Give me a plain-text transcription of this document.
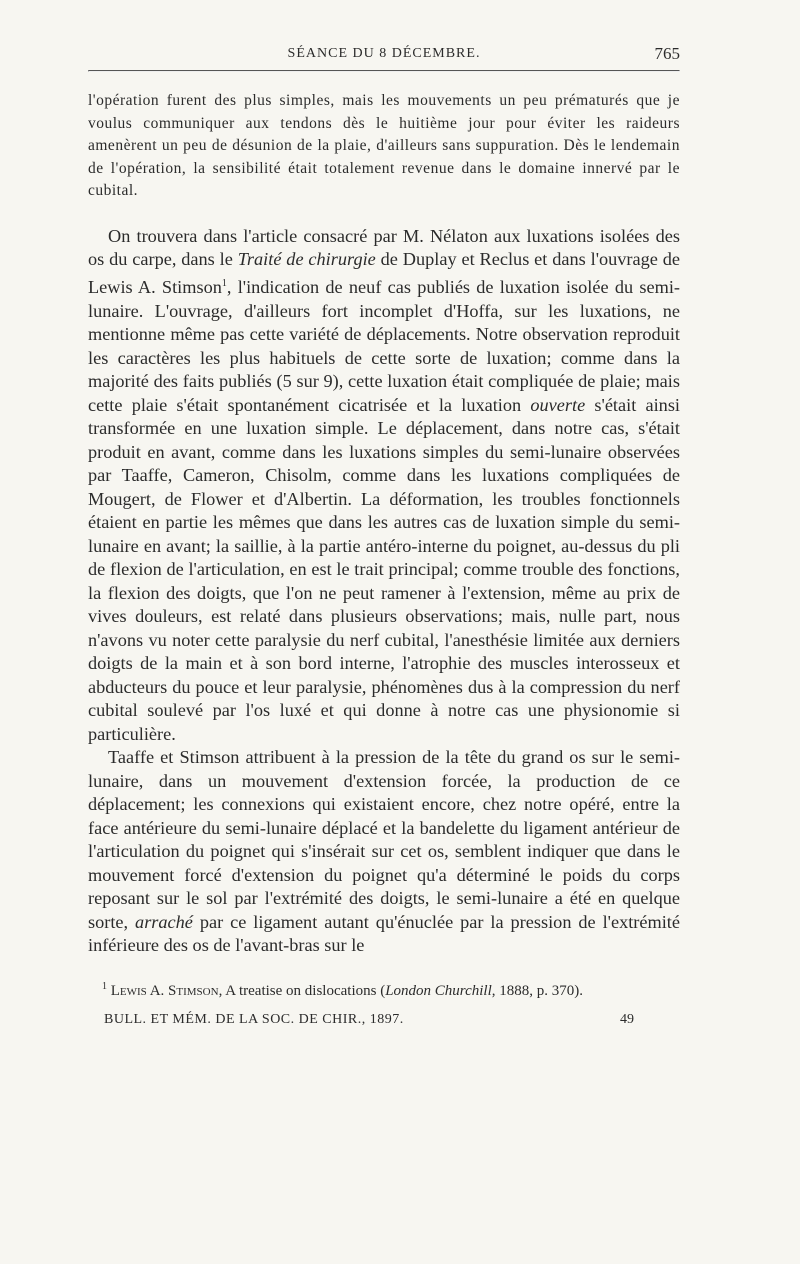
SÉANCE DU 8 DÉCEMBRE.	765

l'opération furent des plus simples, mais les mouvements un peu prématurés que je voulus communiquer aux tendons dès le huitième jour pour éviter les raideurs amenèrent un peu de désunion de la plaie, d'ailleurs sans suppuration. Dès le lendemain de l'opération, la sensibilité était totalement revenue dans le domaine innervé par le cubital.

On trouvera dans l'article consacré par M. Nélaton aux luxations isolées des os du carpe, dans le Traité de chirurgie de Duplay et Reclus et dans l'ouvrage de Lewis A. Stimson$^1$, l'indication de neuf cas publiés de luxation isolée du semi-lunaire. L'ouvrage, d'ailleurs fort incomplet d'Hoffa, sur les luxations, ne mentionne même pas cette variété de déplacements. Notre observation reproduit les caractères les plus habituels de cette sorte de luxation; comme dans la majorité des faits publiés (5 sur 9), cette luxation était compliquée de plaie; mais cette plaie s'était spontanément cicatrisée et la luxation ouverte s'était ainsi transformée en une luxation simple. Le déplacement, dans notre cas, s'était produit en avant, comme dans les luxations simples du semi-lunaire observées par Taaffe, Cameron, Chisolm, comme dans les luxations compliquées de Mougert, de Flower et d'Albertin. La déformation, les troubles fonctionnels étaient en partie les mêmes que dans les autres cas de luxation simple du semi-lunaire en avant; la saillie, à la partie antéro-interne du poignet, au-dessus du pli de flexion de l'articulation, en est le trait principal; comme trouble des fonctions, la flexion des doigts, que l'on ne peut ramener à l'extension, même au prix de vives douleurs, est relaté dans plusieurs observations; mais, nulle part, nous n'avons vu noter cette paralysie du nerf cubital, l'anesthésie limitée aux derniers doigts de la main et à son bord interne, l'atrophie des muscles interosseux et abducteurs du pouce et leur paralysie, phénomènes dus à la compression du nerf cubital soulevé par l'os luxé et qui donne à notre cas une physionomie si particulière.

Taaffe et Stimson attribuent à la pression de la tête du grand os sur le semi-lunaire, dans un mouvement d'extension forcée, la production de ce déplacement; les connexions qui existaient encore, chez notre opéré, entre la face antérieure du semi-lunaire déplacé et la bandelette du ligament antérieur de l'articulation du poignet qui s'insérait sur cet os, semblent indiquer que dans le mouvement forcé d'extension du poignet qu'a déterminé le poids du corps reposant sur le sol par l'extrémité des doigts, le semi-lunaire a été en quelque sorte, arraché par ce ligament autant qu'énuclée par la pression de l'extrémité inférieure des os de l'avant-bras sur le

$^1$ Lewis A. Stimson, A treatise on dislocations (London Churchill, 1888, p. 370).

BULL. ET MÉM. DE LA SOC. DE CHIR., 1897.	49
